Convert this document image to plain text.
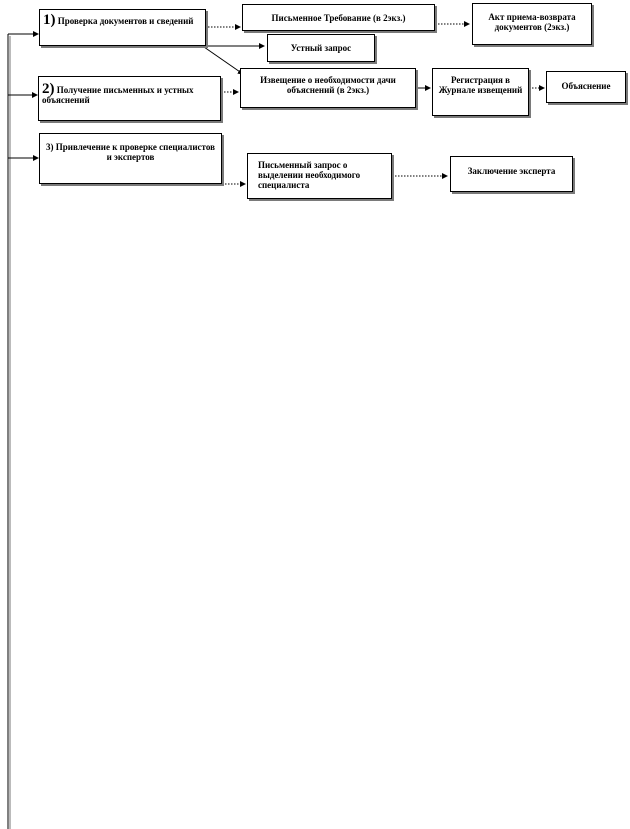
1) Проверка документов и сведений
2) Получение письменных и устных объяснений
3) Привлечение к проверке специалистов и экспертов
Письменное Требование (в 2экз.)	Акт приема-возврата документов (2экз.)
Устный запрос
Извещение о необходимости дачи объяснений (в 2экз.)
Регистрация в Журнале извещений	Объяснение
Письменный запрос о выделении необходимого специалиста
Заключение эксперта
